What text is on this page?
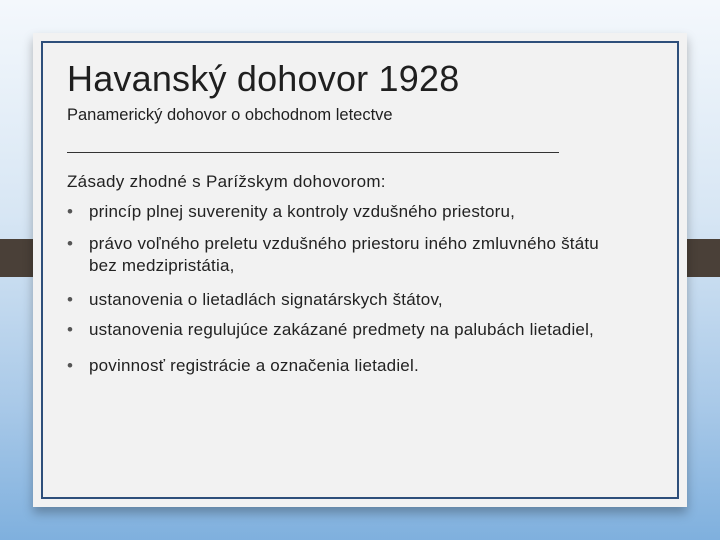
Havanský dohovor 1928

Panamerický dohovor o obchodnom letectve

Zásady zhodné s Parížskym dohovorom:

• princíp plnej suverenity a kontroly vzdušného priestoru,
• právo voľného preletu vzdušného priestoru iného zmluvného štátu bez medzipristátia,
• ustanovenia o lietadlách signatárskych štátov,
• ustanovenia regulujúce zakázané predmety na palubách lietadiel,
• povinnosť registrácie a označenia lietadiel.
